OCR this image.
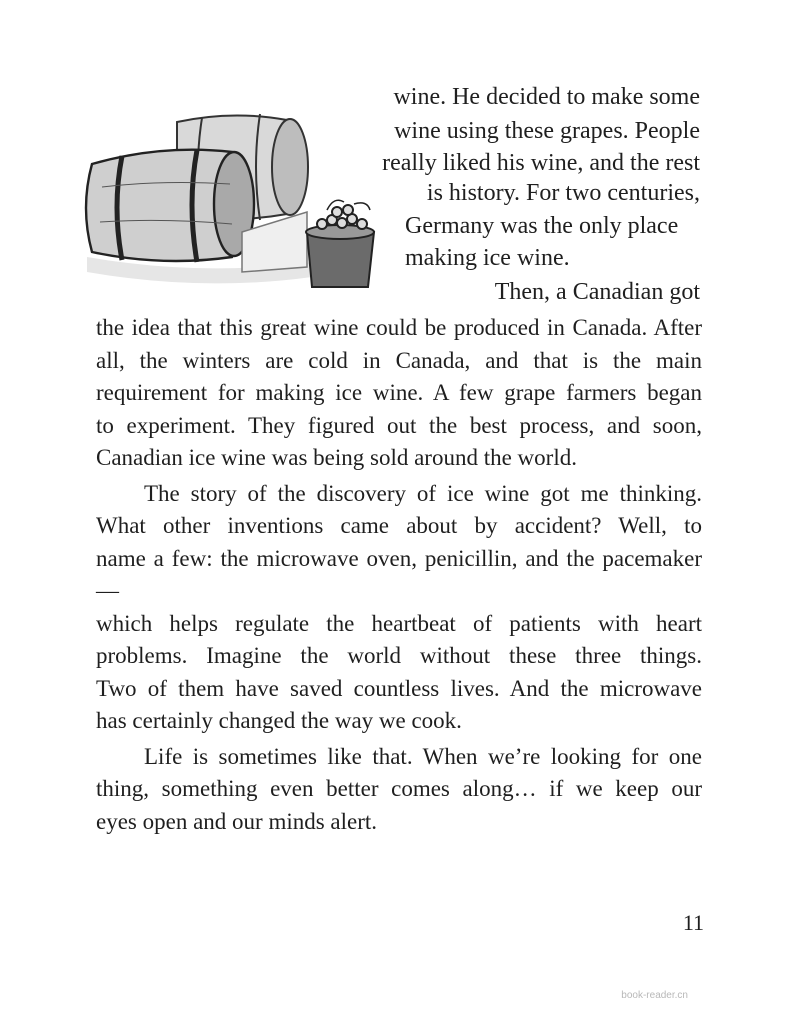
wine. He decided to make some
wine using these grapes. People
really liked his wine, and the rest
is history. For two centuries,
Germany was the only place
making ice wine.
Then, a Canadian got

the idea that this great wine could be produced in Canada. After
all, the winters are cold in Canada, and that is the main
requirement for making ice wine. A few grape farmers began
to experiment. They figured out the best process, and soon,
Canadian ice wine was being sold around the world.

The story of the discovery of ice wine got me thinking.
What other inventions came about by accident? Well, to
name a few: the microwave oven, penicillin, and the pacemaker—
which helps regulate the heartbeat of patients with heart
problems. Imagine the world without these three things.
Two of them have saved countless lives. And the microwave
has certainly changed the way we cook.

Life is sometimes like that. When we’re looking for one
thing, something even better comes along… if we keep our
eyes open and our minds alert.

11
book-reader.cn
